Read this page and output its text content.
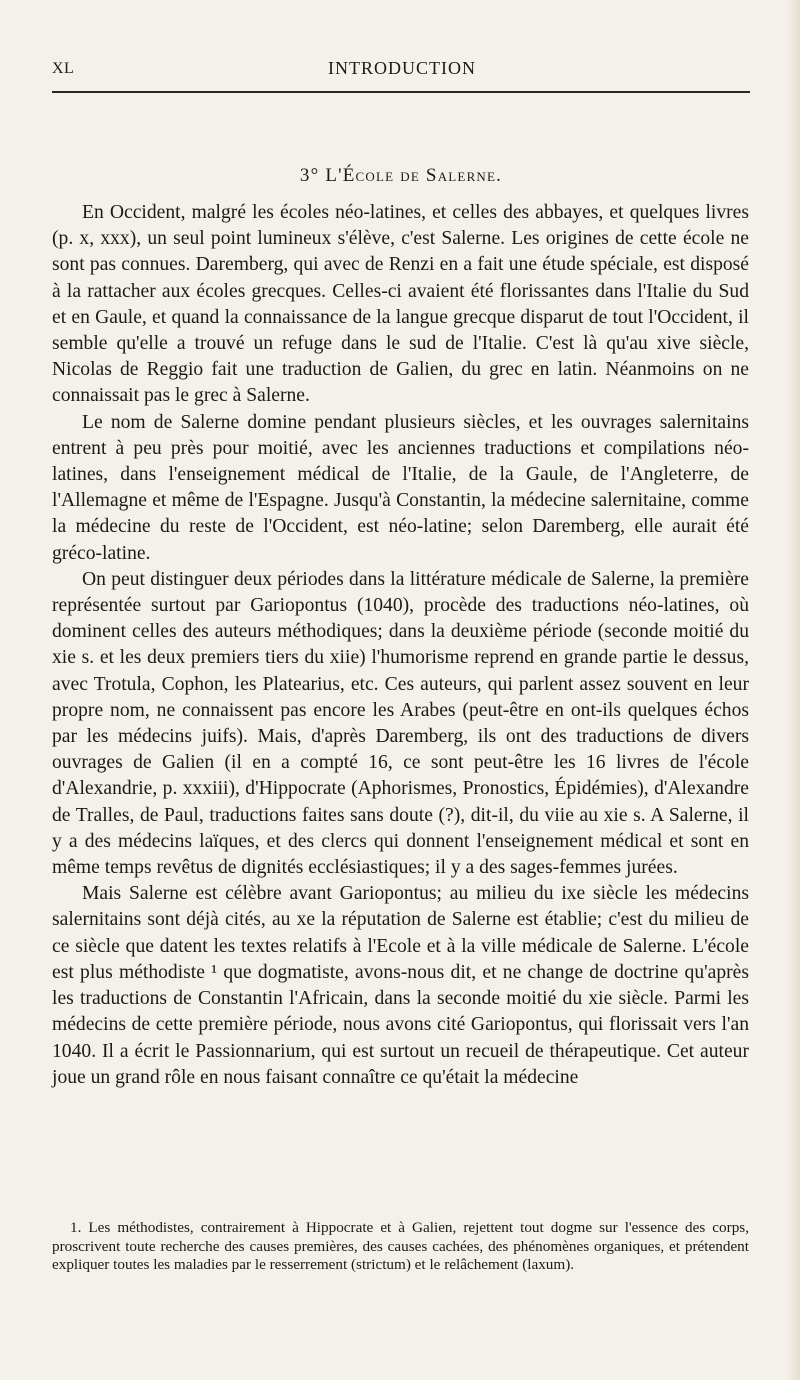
XL	INTRODUCTION
3° L'École de Salerne.

En Occident, malgré les écoles néo-latines, et celles des abbayes, et quelques livres (p. x, xxx), un seul point lumineux s'élève, c'est Salerne. Les origines de cette école ne sont pas connues. Daremberg, qui avec de Renzi en a fait une étude spéciale, est disposé à la rattacher aux écoles grecques. Celles-ci avaient été florissantes dans l'Italie du Sud et en Gaule, et quand la connaissance de la langue grecque disparut de tout l'Occident, il semble qu'elle a trouvé un refuge dans le sud de l'Italie. C'est là qu'au xive siècle, Nicolas de Reggio fait une traduction de Galien, du grec en latin. Néanmoins on ne connaissait pas le grec à Salerne.

Le nom de Salerne domine pendant plusieurs siècles, et les ouvrages salernitains entrent à peu près pour moitié, avec les anciennes traductions et compilations néo-latines, dans l'enseignement médical de l'Italie, de la Gaule, de l'Angleterre, de l'Allemagne et même de l'Espagne. Jusqu'à Constantin, la médecine salernitaine, comme la médecine du reste de l'Occident, est néo-latine; selon Daremberg, elle aurait été gréco-latine.

On peut distinguer deux périodes dans la littérature médicale de Salerne, la première représentée surtout par Gariopontus (1040), procède des traductions néo-latines, où dominent celles des auteurs méthodiques; dans la deuxième période (seconde moitié du xie s. et les deux premiers tiers du xiie) l'humorisme reprend en grande partie le dessus, avec Trotula, Cophon, les Platearius, etc. Ces auteurs, qui parlent assez souvent en leur propre nom, ne connaissent pas encore les Arabes (peut-être en ont-ils quelques échos par les médecins juifs). Mais, d'après Daremberg, ils ont des traductions de divers ouvrages de Galien (il en a compté 16, ce sont peut-être les 16 livres de l'école d'Alexandrie, p. xxxiii), d'Hippocrate (Aphorismes, Pronostics, Épidémies), d'Alexandre de Tralles, de Paul, traductions faites sans doute (?), dit-il, du viie au xie s. A Salerne, il y a des médecins laïques, et des clercs qui donnent l'enseignement médical et sont en même temps revêtus de dignités ecclésiastiques; il y a des sages-femmes jurées.

Mais Salerne est célèbre avant Gariopontus; au milieu du ixe siècle les médecins salernitains sont déjà cités, au xe la réputation de Salerne est établie; c'est du milieu de ce siècle que datent les textes relatifs à l'Ecole et à la ville médicale de Salerne. L'école est plus méthodiste ¹ que dogmatiste, avons-nous dit, et ne change de doctrine qu'après les traductions de Constantin l'Africain, dans la seconde moitié du xie siècle. Parmi les médecins de cette première période, nous avons cité Gariopontus, qui florissait vers l'an 1040. Il a écrit le Passionnarium, qui est surtout un recueil de thérapeutique. Cet auteur joue un grand rôle en nous faisant connaître ce qu'était la médecine

1. Les méthodistes, contrairement à Hippocrate et à Galien, rejettent tout dogme sur l'essence des corps, proscrivent toute recherche des causes premières, des causes cachées, des phénomènes organiques, et prétendent expliquer toutes les maladies par le resserrement (strictum) et le relâchement (laxum).
